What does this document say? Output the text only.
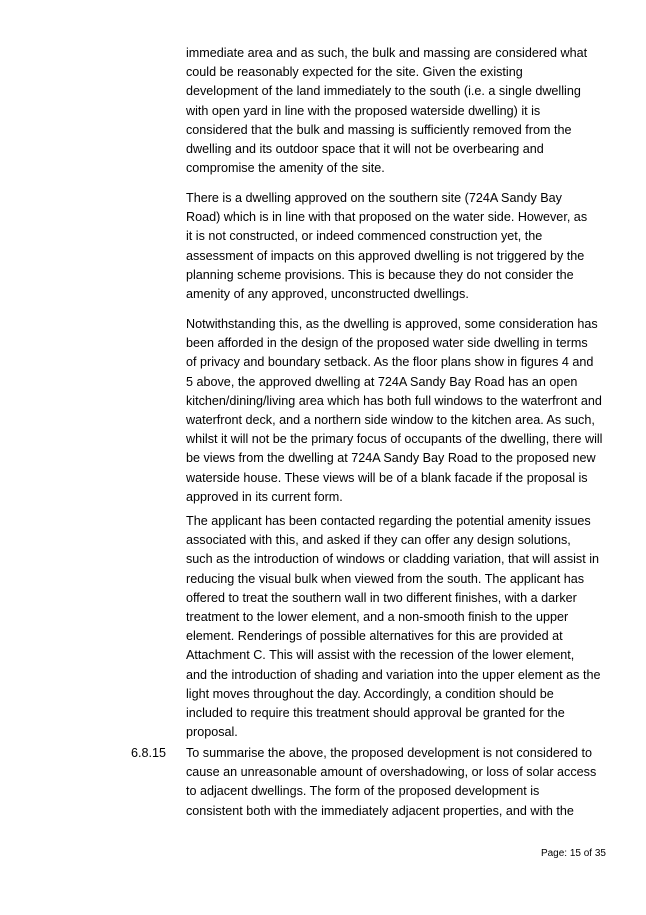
immediate area and as such, the bulk and massing are considered what
could be reasonably expected for the site. Given the existing
development of the land immediately to the south (i.e. a single dwelling
with open yard in line with the proposed waterside dwelling) it is
considered that the bulk and massing is sufficiently removed from the
dwelling and its outdoor space that it will not be overbearing and
compromise the amenity of the site.

There is a dwelling approved on the southern site (724A Sandy Bay
Road) which is in line with that proposed on the water side. However, as
it is not constructed, or indeed commenced construction yet, the
assessment of impacts on this approved dwelling is not triggered by the
planning scheme provisions. This is because they do not consider the
amenity of any approved, unconstructed dwellings.

Notwithstanding this, as the dwelling is approved, some consideration has
been afforded in the design of the proposed water side dwelling in terms
of privacy and boundary setback. As the floor plans show in figures 4 and
5 above, the approved dwelling at 724A Sandy Bay Road has an open
kitchen/dining/living area which has both full windows to the waterfront and
waterfront deck, and a northern side window to the kitchen area. As such,
whilst it will not be the primary focus of occupants of the dwelling, there will
be views from the dwelling at 724A Sandy Bay Road to the proposed new
waterside house. These views will be of a blank facade if the proposal is
approved in its current form.

The applicant has been contacted regarding the potential amenity issues
associated with this, and asked if they can offer any design solutions,
such as the introduction of windows or cladding variation, that will assist in
reducing the visual bulk when viewed from the south. The applicant has
offered to treat the southern wall in two different finishes, with a darker
treatment to the lower element, and a non-smooth finish to the upper
element. Renderings of possible alternatives for this are provided at
Attachment C. This will assist with the recession of the lower element,
and the introduction of shading and variation into the upper element as the
light moves throughout the day. Accordingly, a condition should be
included to require this treatment should approval be granted for the
proposal.

6.8.15 To summarise the above, the proposed development is not considered to
cause an unreasonable amount of overshadowing, or loss of solar access
to adjacent dwellings. The form of the proposed development is
consistent both with the immediately adjacent properties, and with the

Page: 15 of 35
